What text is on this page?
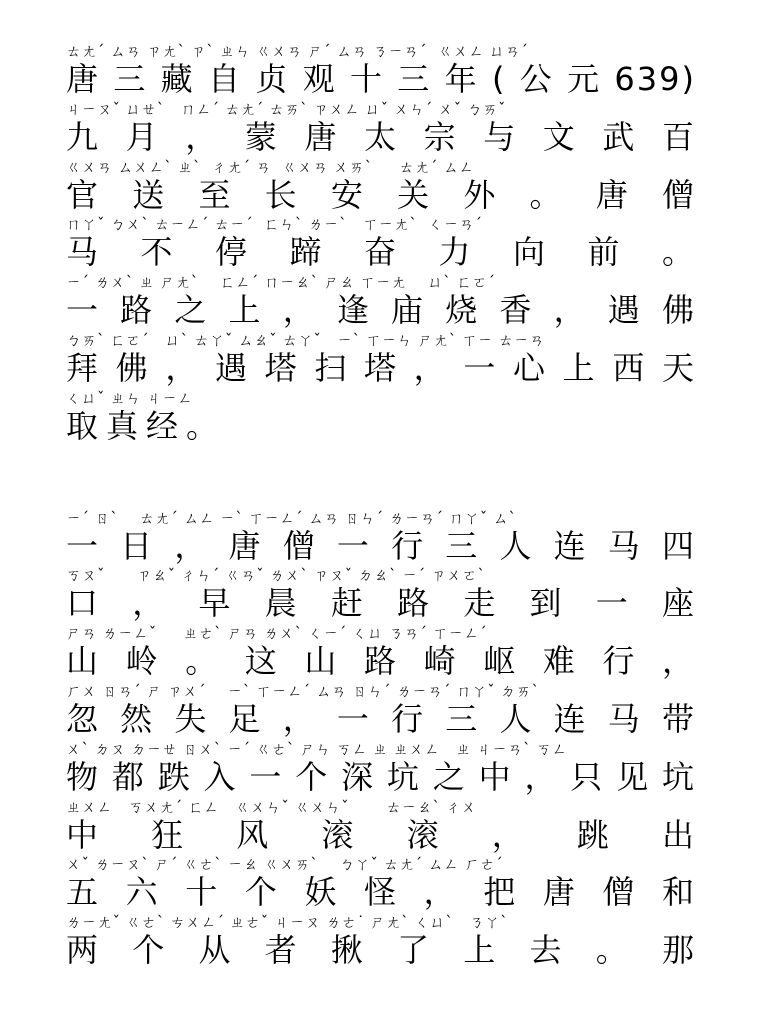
ㄊㄤˊ ㄙㄢ ㄗㄤˋ ㄗˋ ㄓㄣ ㄍㄨㄢ ㄕˊ ㄙㄢ ㄋㄧㄢˊ  ㄍㄨㄥ ㄩㄢˊ
唐三藏自贞观十三年(公元639)
ㄐㄧㄡˇ ㄩㄝˋ   ㄇㄥˊ ㄊㄤˊ ㄊㄞˋ ㄗㄨㄥ ㄩˇ ㄨㄣˊ ㄨˇ ㄅㄞˇ
九月，蒙唐太宗与文武百
ㄍㄨㄢ ㄙㄨㄥˋ ㄓˋ  ㄔㄤˊ ㄢ  ㄍㄨㄢ ㄨㄞˋ     ㄊㄤˊ ㄙㄥ
官送至长安关外。唐僧
ㄇㄚˇ ㄅㄨˋ ㄊㄧㄥˊ ㄊㄧˊ  ㄈㄣˋ ㄌㄧˋ   ㄒㄧㄤˋ  ㄑㄧㄢˊ
马不停蹄奋力向前。
ㄧˊ ㄌㄨˋ ㄓ ㄕㄤˋ    ㄈㄥˊ ㄇㄧㄠˋ ㄕㄠ ㄒㄧㄤ    ㄩˋ ㄈㄛˊ
一路之上，逢庙烧香，遇佛
ㄅㄞˋ ㄈㄛˊ   ㄩˋ ㄊㄚˇ ㄙㄠˇ ㄊㄚˇ   ㄧˋ ㄒㄧㄣ ㄕㄤˋ ㄒㄧ ㄊㄧㄢ
拜佛，遇塔扫塔，一心上西天
ㄑㄩˇ ㄓㄣ ㄐㄧㄥ
取真经。
ㄧˊ ㄖˋ    ㄊㄤˊ ㄙㄥ ㄧˋ ㄒㄧㄥˊ ㄙㄢ ㄖㄣˊ ㄌㄧㄢˊ ㄇㄚˇ ㄙˋ
一日，唐僧一行三人连马四
ㄎㄡˇ      ㄗㄠˇ ㄔㄣˊ ㄍㄢˇ ㄌㄨˋ ㄗㄡˇ ㄉㄠˋ ㄧˊ ㄗㄨㄛˋ
口，早晨赶路走到一座
ㄕㄢ ㄌㄧㄥˇ     ㄓㄜˋ ㄕㄢ ㄌㄨˋ ㄑㄧˊ ㄑㄩ ㄋㄢˊ ㄒㄧㄥˊ
山岭。这山路崎岖难行，
ㄏㄨ ㄖㄢˊ ㄕ ㄗㄨˊ    ㄧˋ ㄒㄧㄥˊ ㄙㄢ ㄖㄣˊ ㄌㄧㄢˊ ㄇㄚˇ ㄉㄞˋ
忽然失足，一行三人连马带
ㄨˋ ㄉㄡ ㄉㄧㄝ ㄖㄨˋ ㄧˊ ㄍㄜˋ ㄕㄣ ㄎㄥ ㄓ ㄓㄨㄥ   ㄓ ㄐㄧㄢˋ ㄎㄥ
物都跌入一个深坑之中，只见坑
ㄓㄨㄥ   ㄎㄨㄤˊ ㄈㄥ   ㄍㄨㄣˇ ㄍㄨㄣˇ       ㄊㄧㄠˋ ㄔㄨ
中狂风滚滚，跳出
ㄨˇ ㄌㄧㄡˋ ㄕˊ ㄍㄜˋ ㄧㄠ ㄍㄨㄞˋ    ㄅㄚˇ ㄊㄤˊ ㄙㄥ ㄏㄜˊ
五六十个妖怪，把唐僧和
ㄌㄧㄤˇ ㄍㄜˋ ㄘㄨㄥˊ ㄓㄜˇ ㄐㄧㄡ ㄌㄜ˙ ㄕㄤˋ ㄑㄩˋ   ㄋㄚˋ
两个从者揪了上去。那
